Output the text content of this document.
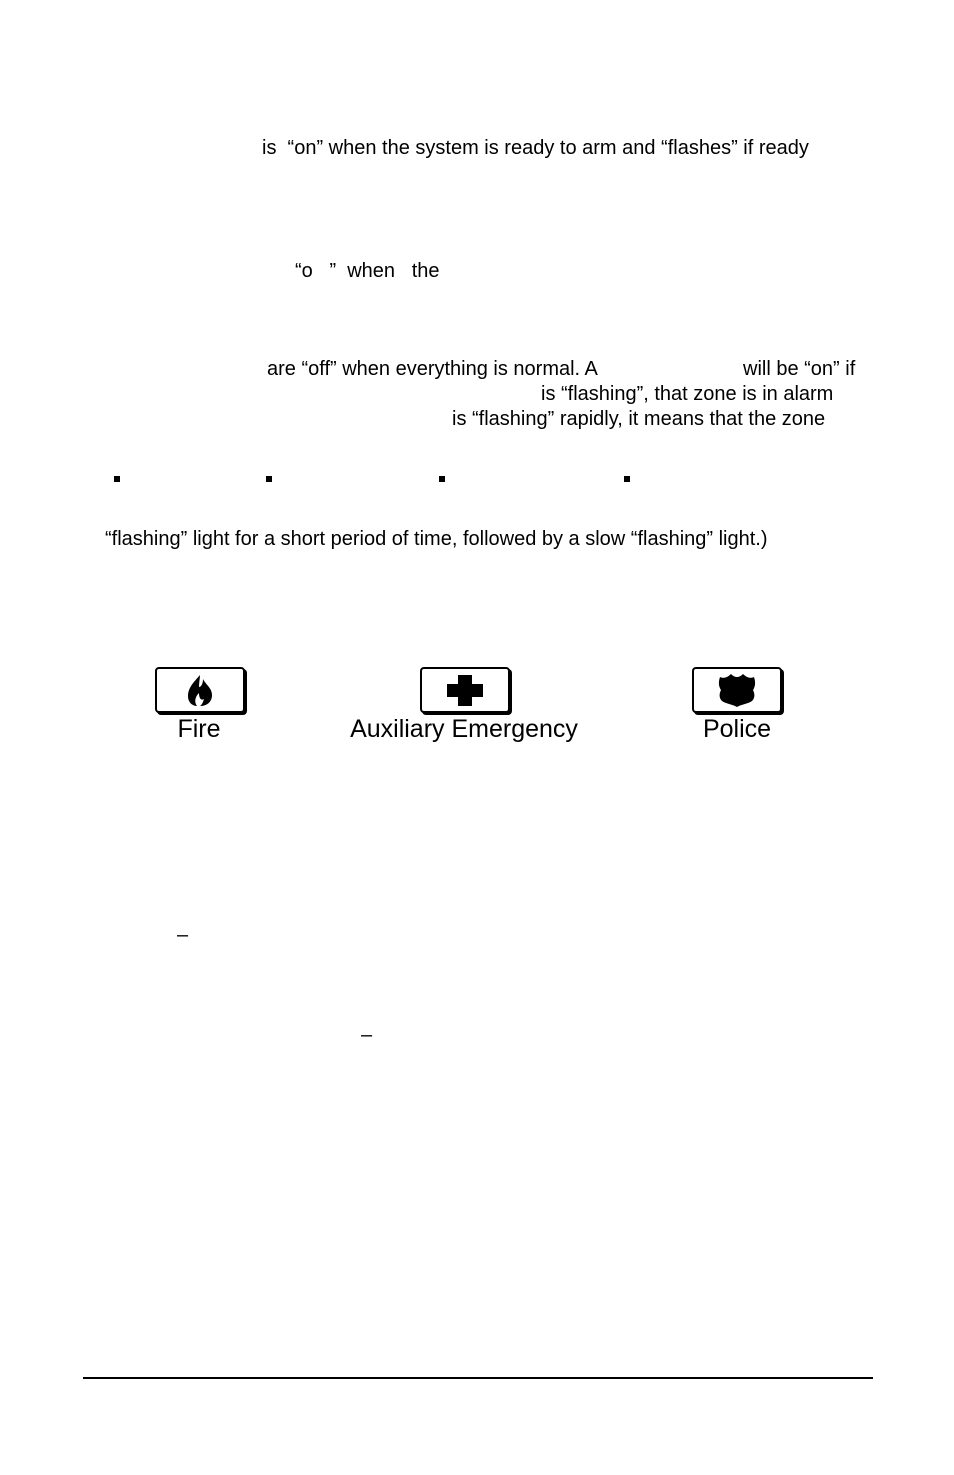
is  “on” when the system is ready to arm and “flashes” if ready
“o   ”  when   the
are “off” when everything is normal. A	will be “on” if
is “flashing”, that zone is in alarm
is “flashing” rapidly, it means that the zone
“flashing” light for a short period of time, followed by a slow “flashing” light.)
Fire	Auxiliary Emergency	Police
–
–
